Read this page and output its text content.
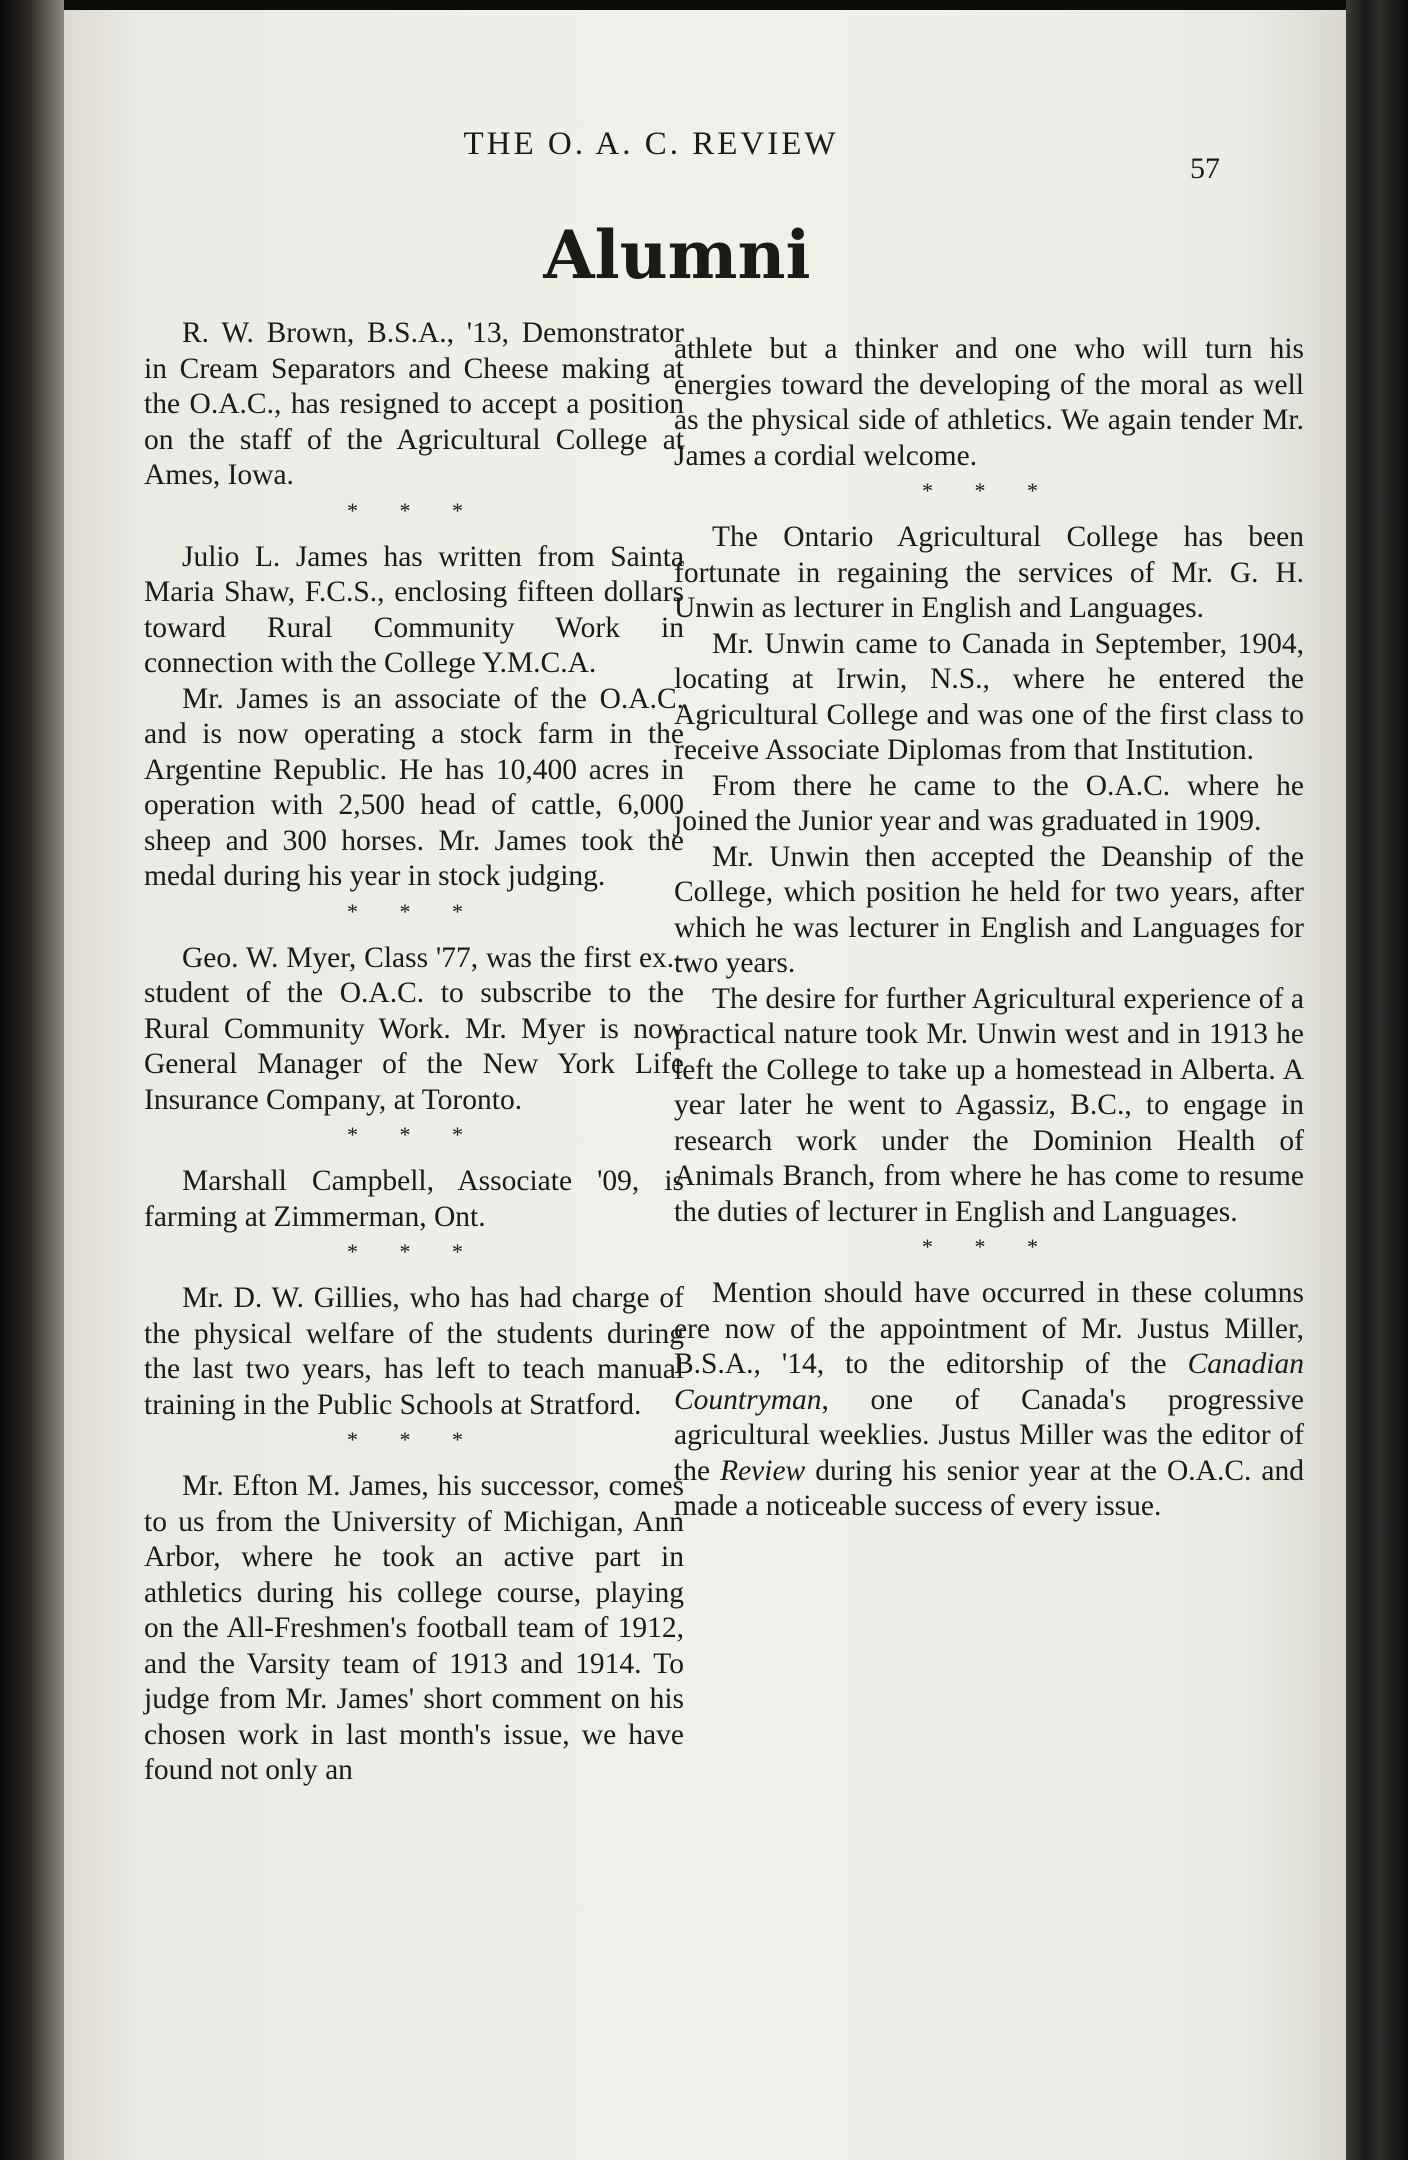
THE O. A. C. REVIEW
57
Alumni

R. W. Brown, B.S.A., '13, Demonstrator in Cream Separators and Cheese making at the O.A.C., has resigned to accept a position on the staff of the Agricultural College at Ames, Iowa.

* * *

Julio L. James has written from Sainta Maria Shaw, F.C.S., enclosing fifteen dollars toward Rural Community Work in connection with the College Y.M.C.A.

Mr. James is an associate of the O.A.C. and is now operating a stock farm in the Argentine Republic. He has 10,400 acres in operation with 2,500 head of cattle, 6,000 sheep and 300 horses. Mr. James took the medal during his year in stock judging.

* * *

Geo. W. Myer, Class '77, was the first ex.-student of the O.A.C. to subscribe to the Rural Community Work. Mr. Myer is now General Manager of the New York Life Insurance Company, at Toronto.

* * *

Marshall Campbell, Associate '09, is farming at Zimmerman, Ont.

* * *

Mr. D. W. Gillies, who has had charge of the physical welfare of the students during the last two years, has left to teach manual training in the Public Schools at Stratford.

* * *

Mr. Efton M. James, his successor, comes to us from the University of Michigan, Ann Arbor, where he took an active part in athletics during his college course, playing on the All-Freshmen's football team of 1912, and the Varsity team of 1913 and 1914. To judge from Mr. James' short comment on his chosen work in last month's issue, we have found not only an

athlete but a thinker and one who will turn his energies toward the developing of the moral as well as the physical side of athletics. We again tender Mr. James a cordial welcome.

* * *

The Ontario Agricultural College has been fortunate in regaining the services of Mr. G. H. Unwin as lecturer in English and Languages.

Mr. Unwin came to Canada in September, 1904, locating at Irwin, N.S., where he entered the Agricultural College and was one of the first class to receive Associate Diplomas from that Institution.

From there he came to the O.A.C. where he joined the Junior year and was graduated in 1909.

Mr. Unwin then accepted the Deanship of the College, which position he held for two years, after which he was lecturer in English and Languages for two years.

The desire for further Agricultural experience of a practical nature took Mr. Unwin west and in 1913 he left the College to take up a homestead in Alberta. A year later he went to Agassiz, B.C., to engage in research work under the Dominion Health of Animals Branch, from where he has come to resume the duties of lecturer in English and Languages.

* * *

Mention should have occurred in these columns ere now of the appointment of Mr. Justus Miller, B.S.A., '14, to the editorship of the Canadian Countryman, one of Canada's progressive agricultural weeklies. Justus Miller was the editor of the Review during his senior year at the O.A.C. and made a noticeable success of every issue.
